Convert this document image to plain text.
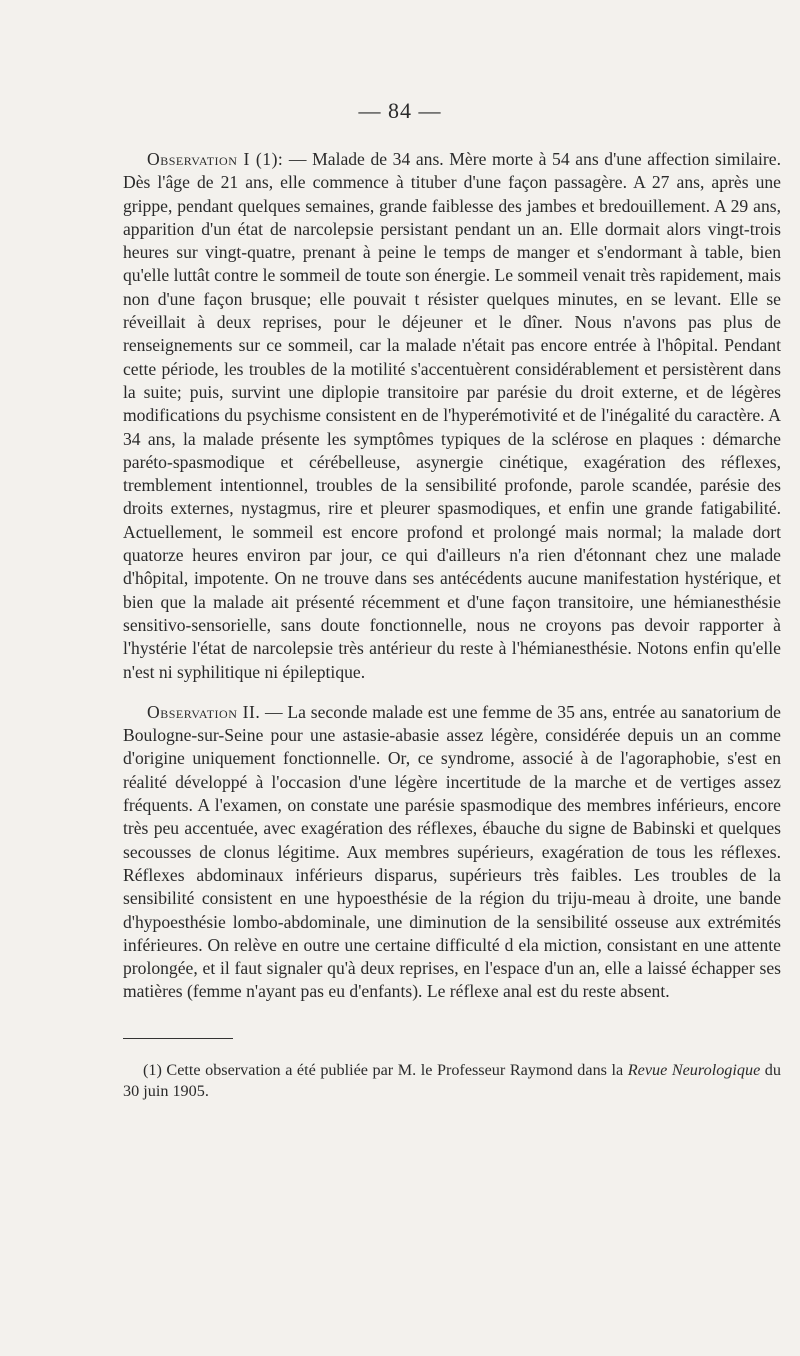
— 84 —

Observation I (1): — Malade de 34 ans. Mère morte à 54 ans d'une affection similaire. Dès l'âge de 21 ans, elle commence à tituber d'une façon passagère. A 27 ans, après une grippe, pendant quelques semaines, grande faiblesse des jambes et bredouillement. A 29 ans, apparition d'un état de narcolepsie persistant pendant un an. Elle dormait alors vingt-trois heures sur vingt-quatre, prenant à peine le temps de manger et s'endormant à table, bien qu'elle luttât contre le sommeil de toute son énergie. Le sommeil venait très rapidement, mais non d'une façon brusque; elle pouvait t résister quelques minutes, en se levant. Elle se réveillait à deux reprises, pour le déjeuner et le dîner. Nous n'avons pas plus de renseignements sur ce sommeil, car la malade n'était pas encore entrée à l'hôpital. Pendant cette période, les troubles de la motilité s'accentuèrent considérablement et persistèrent dans la suite; puis, survint une diplopie transitoire par parésie du droit externe, et de légères modifications du psychisme consistent en de l'hyperémotivité et de l'inégalité du caractère. A 34 ans, la malade présente les symptômes typiques de la sclérose en plaques : démarche paréto-spasmodique et cérébelleuse, asynergie cinétique, exagération des réflexes, tremblement intentionnel, troubles de la sensibilité profonde, parole scandée, parésie des droits externes, nystagmus, rire et pleurer spasmodiques, et enfin une grande fatigabilité. Actuellement, le sommeil est encore profond et prolongé mais normal; la malade dort quatorze heures environ par jour, ce qui d'ailleurs n'a rien d'étonnant chez une malade d'hôpital, impotente. On ne trouve dans ses antécédents aucune manifestation hystérique, et bien que la malade ait présenté récemment et d'une façon transitoire, une hémianesthésie sensitivo-sensorielle, sans doute fonctionnelle, nous ne croyons pas devoir rapporter à l'hystérie l'état de narcolepsie très antérieur du reste à l'hémianesthésie. Notons enfin qu'elle n'est ni syphilitique ni épileptique.

Observation II. — La seconde malade est une femme de 35 ans, entrée au sanatorium de Boulogne-sur-Seine pour une astasie-abasie assez légère, considérée depuis un an comme d'origine uniquement fonctionnelle. Or, ce syndrome, associé à de l'agoraphobie, s'est en réalité développé à l'occasion d'une légère incertitude de la marche et de vertiges assez fréquents. A l'examen, on constate une parésie spasmodique des membres inférieurs, encore très peu accentuée, avec exagération des réflexes, ébauche du signe de Babinski et quelques secousses de clonus légitime. Aux membres supérieurs, exagération de tous les réflexes. Réflexes abdominaux inférieurs disparus, supérieurs très faibles. Les troubles de la sensibilité consistent en une hypoesthésie de la région du triju-meau à droite, une bande d'hypoesthésie lombo-abdominale, une diminution de la sensibilité osseuse aux extrémités inférieures. On relève en outre une certaine difficulté d ela miction, consistant en une attente prolongée, et il faut signaler qu'à deux reprises, en l'espace d'un an, elle a laissé échapper ses matières (femme n'ayant pas eu d'enfants). Le réflexe anal est du reste absent.

(1) Cette observation a été publiée par M. le Professeur Raymond dans la Revue Neurologique du 30 juin 1905.
